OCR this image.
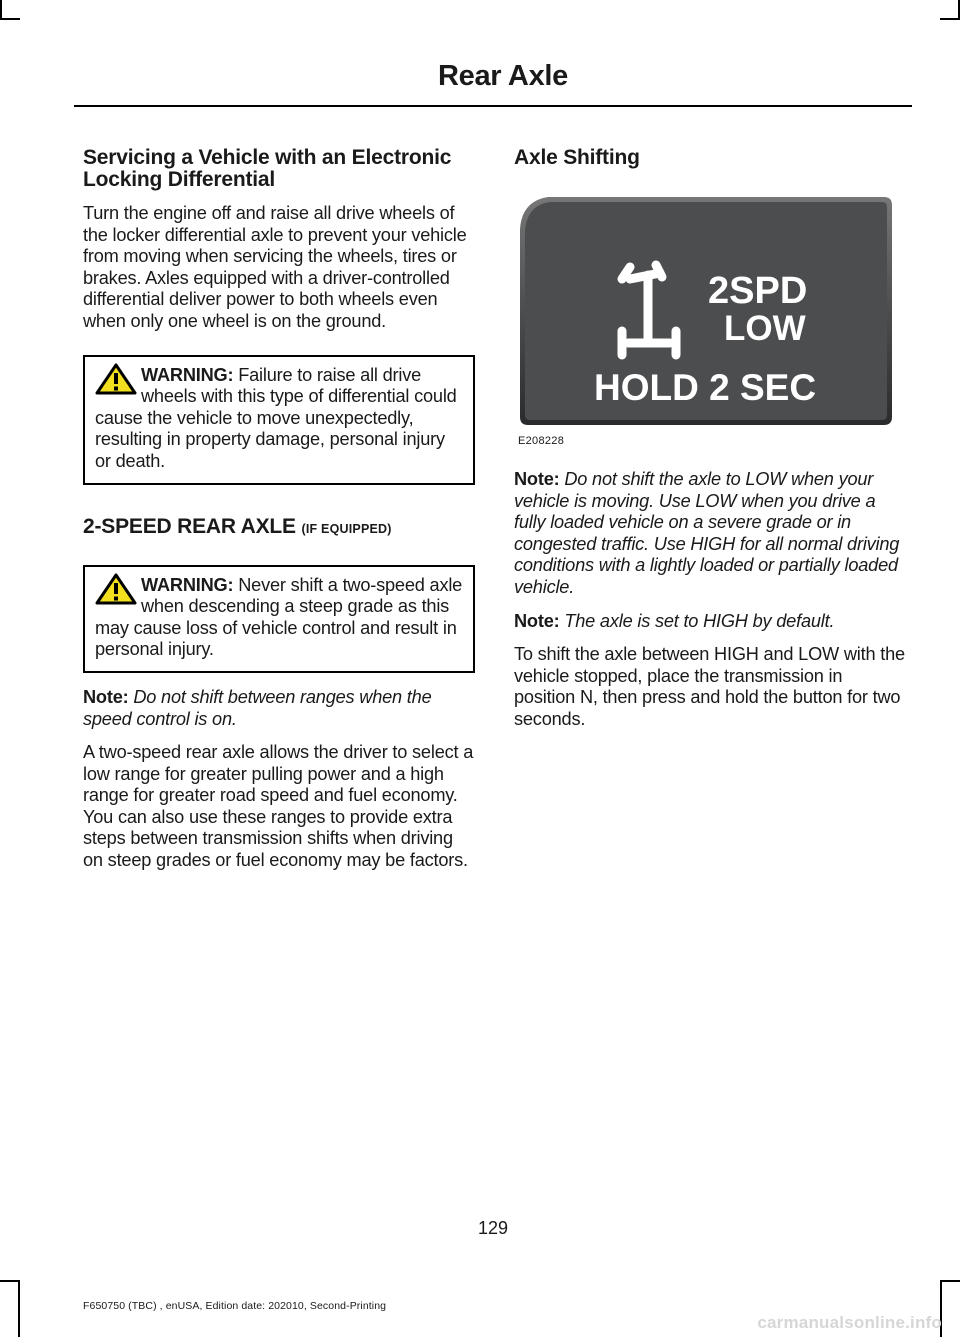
Rear Axle
Servicing a Vehicle with an Electronic Locking Differential

Turn the engine off and raise all drive wheels of the locker differential axle to prevent your vehicle from moving when servicing the wheels, tires or brakes. Axles equipped with a driver-controlled differential deliver power to both wheels even when only one wheel is on the ground.

WARNING: Failure to raise all drive wheels with this type of differential could cause the vehicle to move unexpectedly, resulting in property damage, personal injury or death.
2-SPEED REAR AXLE (IF EQUIPPED)
WARNING: Never shift a two-speed axle when descending a steep grade as this may cause loss of vehicle control and result in personal injury.

Note: Do not shift between ranges when the speed control is on.

A two-speed rear axle allows the driver to select a low range for greater pulling power and a high range for greater road speed and fuel economy. You can also use these ranges to provide extra steps between transmission shifts when driving on steep grades or fuel economy may be factors.

Axle Shifting
2SPD
LOW
HOLD 2 SEC
E208228

Note: Do not shift the axle to LOW when your vehicle is moving. Use LOW when you drive a fully loaded vehicle on a severe grade or in congested traffic. Use HIGH for all normal driving conditions with a lightly loaded or partially loaded vehicle.

Note: The axle is set to HIGH by default.

To shift the axle between HIGH and LOW with the vehicle stopped, place the transmission in position N, then press and hold the button for two seconds.

129
F650750 (TBC) , enUSA, Edition date: 202010, Second-Printing
carmanualsonline.info
